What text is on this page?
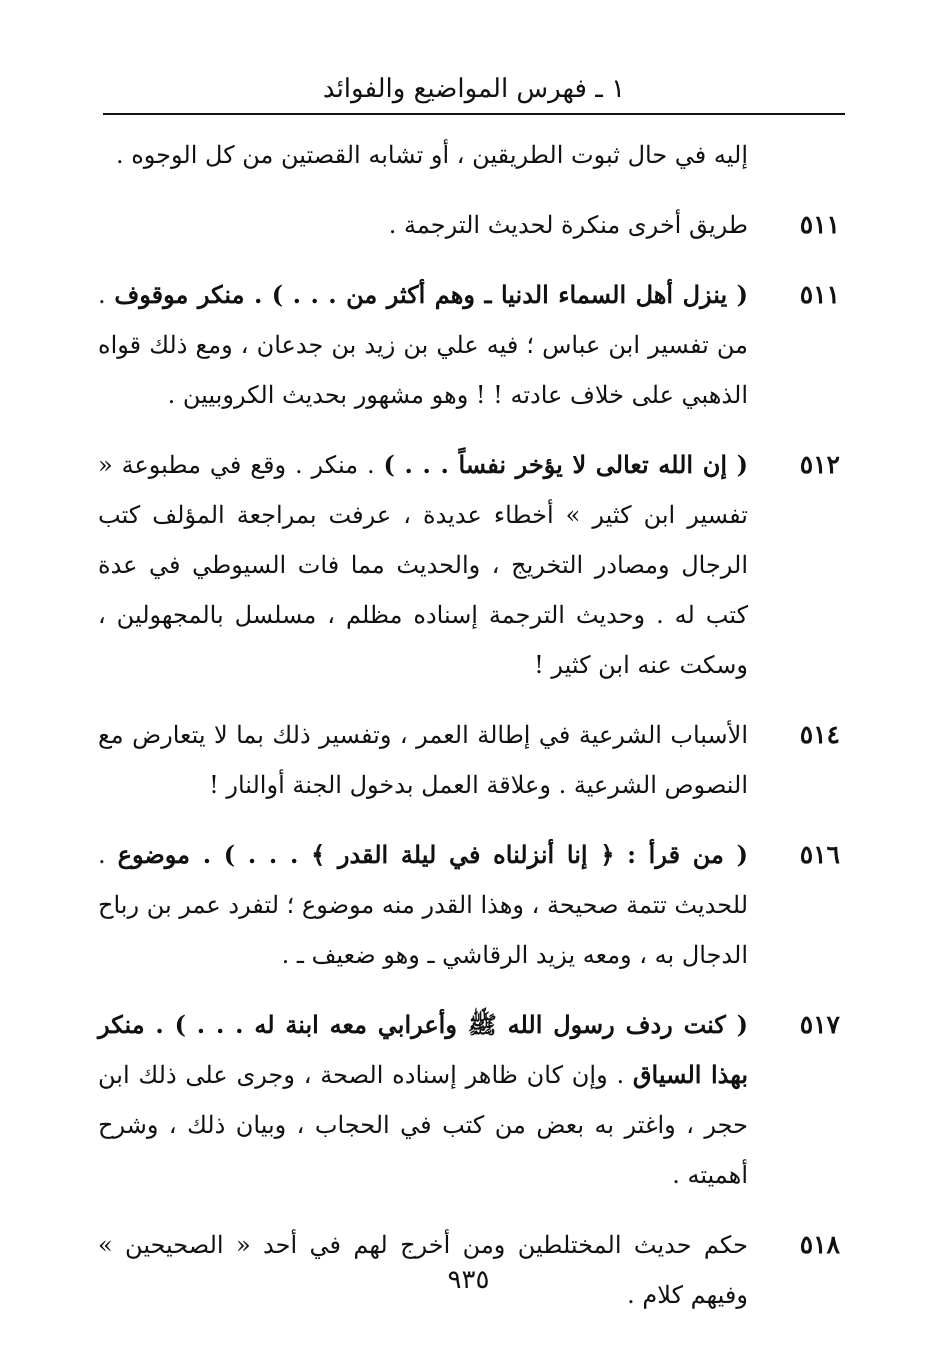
١ ـ فهرس المواضيع والفوائد
إليه في حال ثبوت الطريقين ، أو تشابه القصتين من كل الوجوه .
٥١١
طريق أخرى منكرة لحديث الترجمة .
٥١١
( ينزل أهل السماء الدنيا ـ وهم أكثر من . . . ) . منكر موقوف . من تفسير ابن عباس ؛ فيه علي بن زيد بن جدعان ، ومع ذلك قواه الذهبي على خلاف عادته ! ! وهو مشهور بحديث الكروبيين .
٥١٢
( إن الله تعالى لا يؤخر نفساً . . . ) . منكر . وقع في مطبوعة « تفسير ابن كثير » أخطاء عديدة ، عرفت بمراجعة المؤلف كتب الرجال ومصادر التخريج ، والحديث مما فات السيوطي في عدة كتب له . وحديث الترجمة إسناده مظلم ، مسلسل بالمجهولين ، وسكت عنه ابن كثير !
٥١٤
الأسباب الشرعية في إطالة العمر ، وتفسير ذلك بما لا يتعارض مع النصوص الشرعية . وعلاقة العمل بدخول الجنة أوالنار !
٥١٦
( من قرأ : ﴿ إنا أنزلناه في ليلة القدر ﴾ . . . ) . موضوع . للحديث تتمة صحيحة ، وهذا القدر منه موضوع ؛ لتفرد عمر بن رباح الدجال به ، ومعه يزيد الرقاشي ـ وهو ضعيف ـ .
٥١٧
( كنت ردف رسول الله ﷺ وأعرابي معه ابنة له . . . ) . منكر بهذا السياق . وإن كان ظاهر إسناده الصحة ، وجرى على ذلك ابن حجر ، واغتر به بعض من كتب في الحجاب ، وبيان ذلك ، وشرح أهميته .
٥١٨
حكم حديث المختلطين ومن أخرج لهم في أحد « الصحيحين » وفيهم كلام .
٩٣٥
